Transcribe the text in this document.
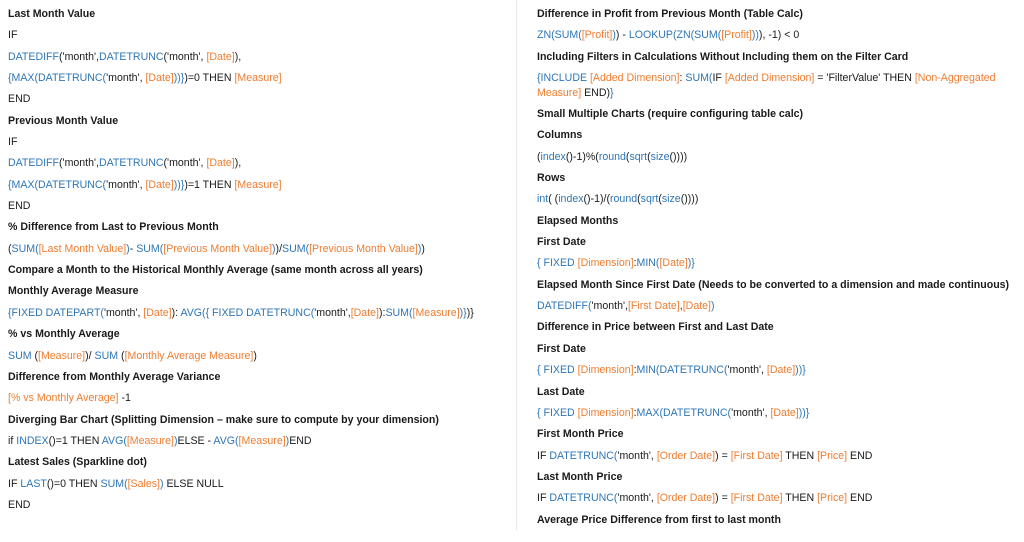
Last Month Value
IF
DATEDIFF('month',DATETRUNC('month', [Date]),
{MAX(DATETRUNC('month', [Date]))})=0 THEN [Measure]
END
Previous Month Value
IF
DATEDIFF('month',DATETRUNC('month', [Date]),
{MAX(DATETRUNC('month', [Date]))})=1 THEN [Measure]
END
% Difference from Last to Previous Month
(SUM([Last Month Value])- SUM([Previous Month Value]))/SUM([Previous Month Value]))
Compare a Month to the Historical Monthly Average (same month across all years)
Monthly Average Measure
{FIXED DATEPART('month', [Date]): AVG({ FIXED DATETRUNC('month',[Date]):SUM([Measure])})}
% vs Monthly Average
SUM ([Measure])/ SUM ([Monthly Average Measure])
Difference from Monthly Average Variance
[% vs Monthly Average] -1
Diverging Bar Chart (Splitting Dimension – make sure to compute by your dimension)
if INDEX()=1 THEN AVG([Measure])ELSE - AVG([Measure])END
Latest Sales (Sparkline dot)
IF LAST()=0 THEN SUM([Sales]) ELSE NULL
END
Difference in Profit from Previous Month (Table Calc)
ZN(SUM([Profit])) - LOOKUP(ZN(SUM([Profit]))), -1) < 0
Including Filters in Calculations Without Including them on the Filter Card
{INCLUDE [Added Dimension]: SUM(IF [Added Dimension] = 'FilterValue' THEN [Non-Aggregated Measure] END)}
Small Multiple Charts (require configuring table calc)
Columns
(index()-1)%(round(sqrt(size())))
Rows
int( (index()-1)/(round(sqrt(size())))
Elapsed Months
First Date
{ FIXED [Dimension]:MIN([Date])}
Elapsed Month Since First Date (Needs to be converted to a dimension and made continuous)
DATEDIFF('month',[First Date],[Date])
Difference in Price between First and Last Date
First Date
{ FIXED [Dimension]:MIN(DATETRUNC('month', [Date]))}
Last Date
{ FIXED [Dimension]:MAX(DATETRUNC('month', [Date]))}
First Month Price
IF DATETRUNC('month', [Order Date]) = [First Date] THEN [Price] END
Last Month Price
IF DATETRUNC('month', [Order Date]) = [First Date] THEN [Price] END
Average Price Difference from first to last month
